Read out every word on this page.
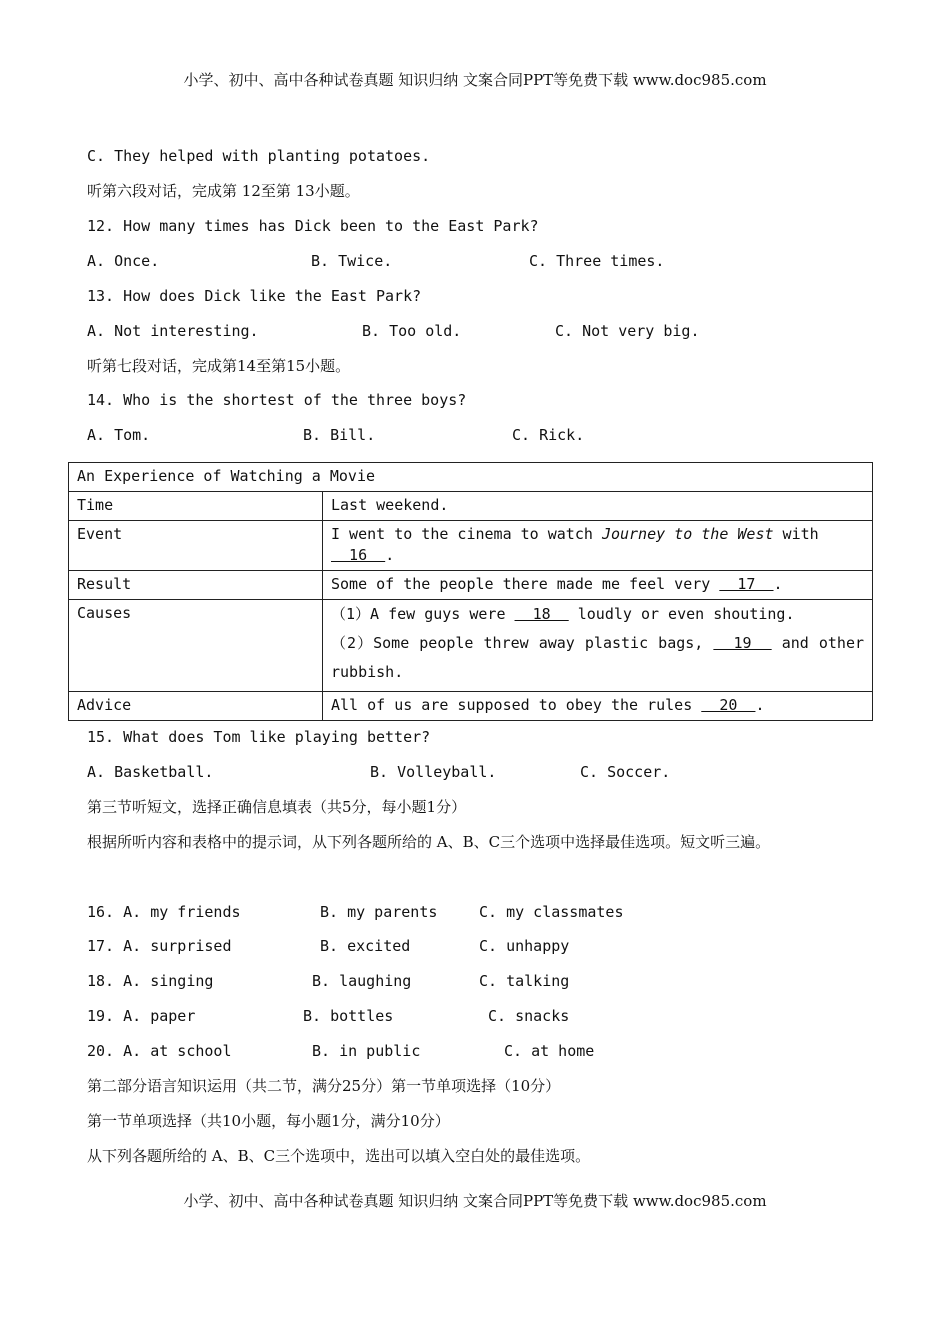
小学、初中、高中各种试卷真题 知识归纳 文案合同PPT等免费下载 www.doc985.com
C. They helped with planting potatoes.
听第六段对话，完成第 12至第 13小题。
12. How many times has Dick been to the East Park?
A. Once.	B. Twice.	C. Three times.
13. How does Dick like the East Park?
A. Not interesting.	B. Too old.	C. Not very big.
听第七段对话，完成第14至第15小题。
14. Who is the shortest of the three boys?
A. Tom.	B. Bill.	C. Rick.
An Experience of Watching a Movie	
Time	Last weekend.
Event	I went to the cinema to watch Journey to the West with   16  .
Result	Some of the people there made me feel very   17  .
Causes	（1）A few guys were   18   loudly or even shouting.
（2）Some people threw away plastic bags,   19   and other rubbish.

Advice	All of us are supposed to obey the rules   20  .
15. What does Tom like playing better?
A. Basketball.	B. Volleyball.	C. Soccer.
第三节听短文，选择正确信息填表（共5分，每小题1分）
根据所听内容和表格中的提示词，从下列各题所给的 A、B、C三个选项中选择最佳选项。短文听三遍。
16. A. my friends	B. my parents	C. my classmates
17. A. surprised	B. excited	C. unhappy
18. A. singing	B. laughing	C. talking
19. A. paper	B. bottles	C. snacks
20. A. at school	B. in public	C. at home
第二部分语言知识运用（共二节，满分25分）第一节单项选择（10分）
第一节单项选择（共10小题，每小题1分，满分10分）
从下列各题所给的 A、B、C三个选项中，选出可以填入空白处的最佳选项。
小学、初中、高中各种试卷真题 知识归纳 文案合同PPT等免费下载 www.doc985.com
